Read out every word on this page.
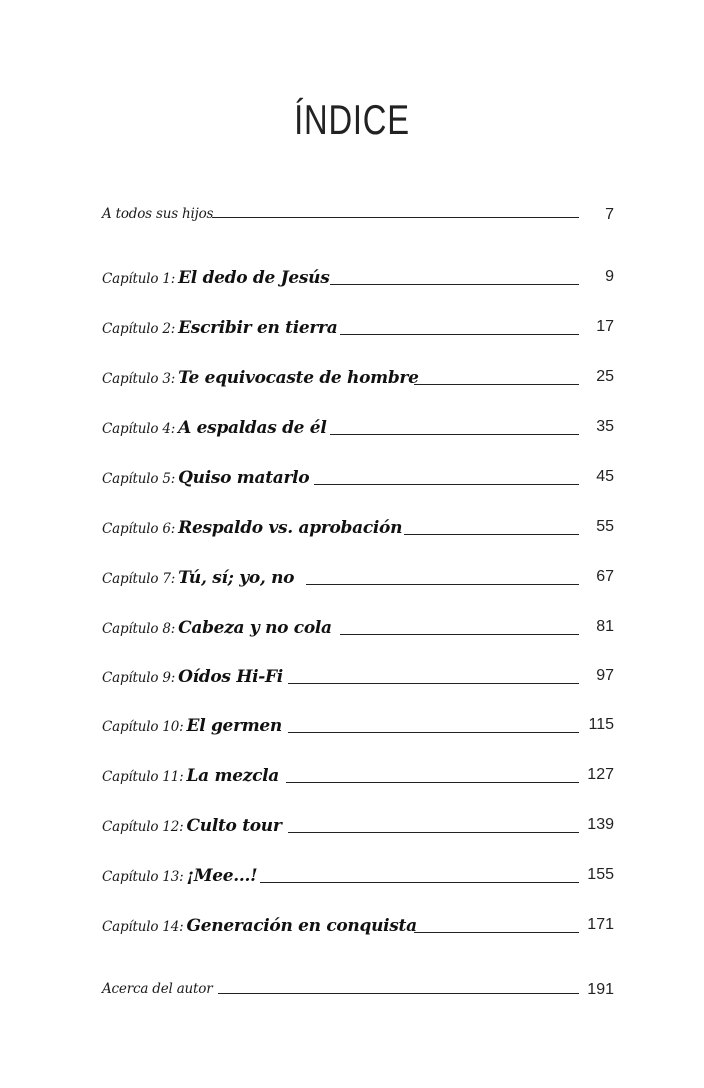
ÍNDICE
A todos sus hijos	7
Capítulo 1: El dedo de Jesús	9
Capítulo 2: Escribir en tierra	17
Capítulo 3: Te equivocaste de hombre	25
Capítulo 4: A espaldas de él	35
Capítulo 5: Quiso matarlo	45
Capítulo 6: Respaldo vs. aprobación	55
Capítulo 7: Tú, sí; yo, no	67
Capítulo 8: Cabeza y no cola	81
Capítulo 9: Oídos Hi-Fi	97
Capítulo 10: El germen	115
Capítulo 11: La mezcla	127
Capítulo 12: Culto tour	139
Capítulo 13: ¡Mee...!	155
Capítulo 14: Generación en conquista	171
Acerca del autor	191
